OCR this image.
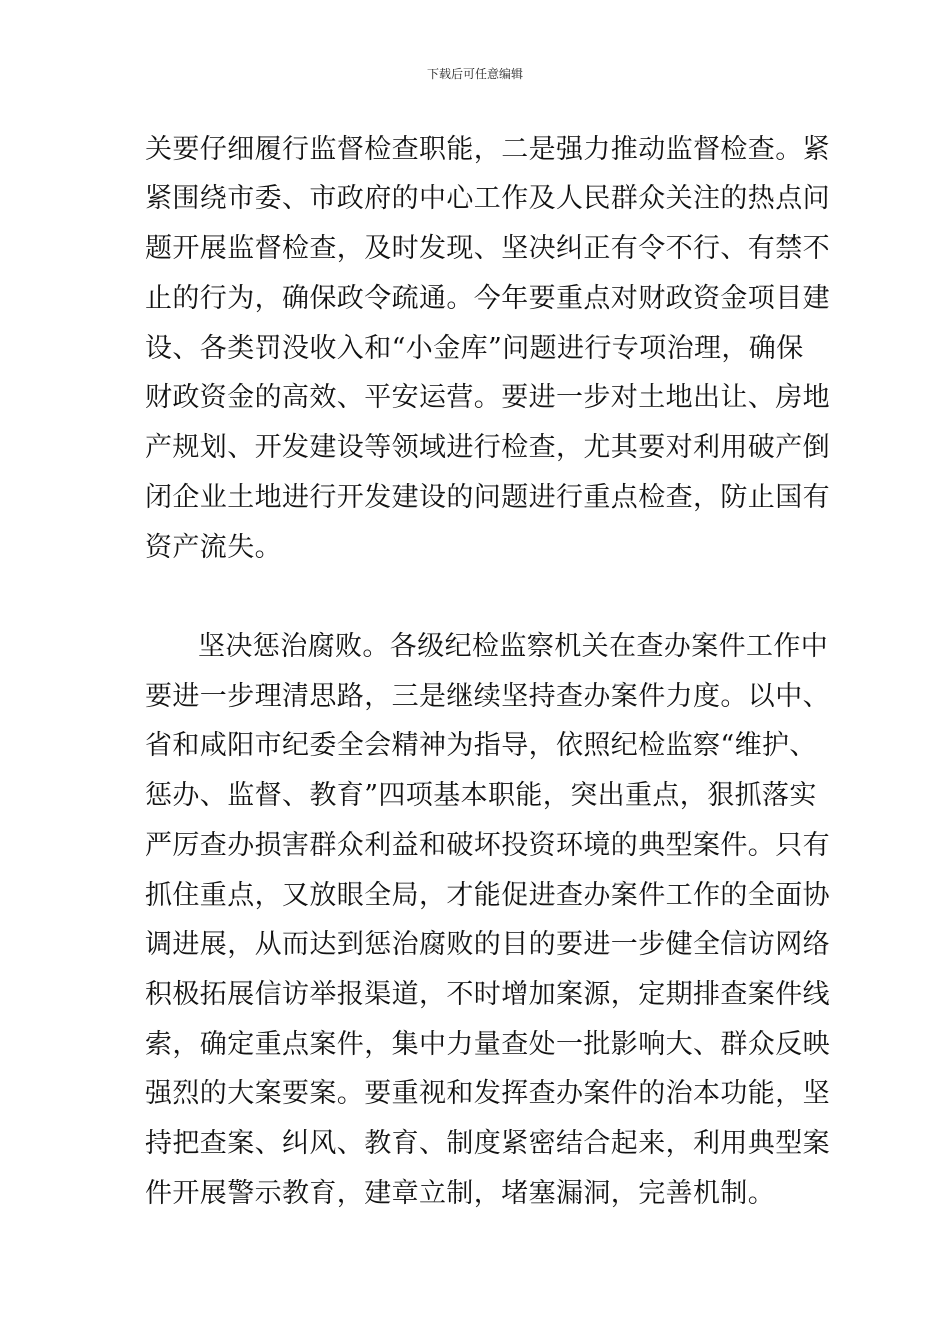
下载后可任意编辑
关要仔细履行监督检查职能，二是强力推动监督检查。紧
紧围绕市委、市政府的中心工作及人民群众关注的热点问
题开展监督检查，及时发现、坚决纠正有令不行、有禁不
止的行为，确保政令疏通。今年要重点对财政资金项目建
设、各类罚没收入和“小金库”问题进行专项治理，确保
财政资金的高效、平安运营。要进一步对土地出让、房地
产规划、开发建设等领域进行检查，尤其要对利用破产倒
闭企业土地进行开发建设的问题进行重点检查，防止国有
资产流失。
坚决惩治腐败。各级纪检监察机关在查办案件工作中
要进一步理清思路，三是继续坚持查办案件力度。以中、
省和咸阳市纪委全会精神为指导，依照纪检监察“维护、
惩办、监督、教育”四项基本职能，突出重点，狠抓落实
严厉查办损害群众利益和破坏投资环境的典型案件。只有
抓住重点，又放眼全局，才能促进查办案件工作的全面协
调进展，从而达到惩治腐败的目的要进一步健全信访网络
积极拓展信访举报渠道，不时增加案源，定期排查案件线
索，确定重点案件，集中力量查处一批影响大、群众反映
强烈的大案要案。要重视和发挥查办案件的治本功能，坚
持把查案、纠风、教育、制度紧密结合起来，利用典型案
件开展警示教育，建章立制，堵塞漏洞，完善机制。
